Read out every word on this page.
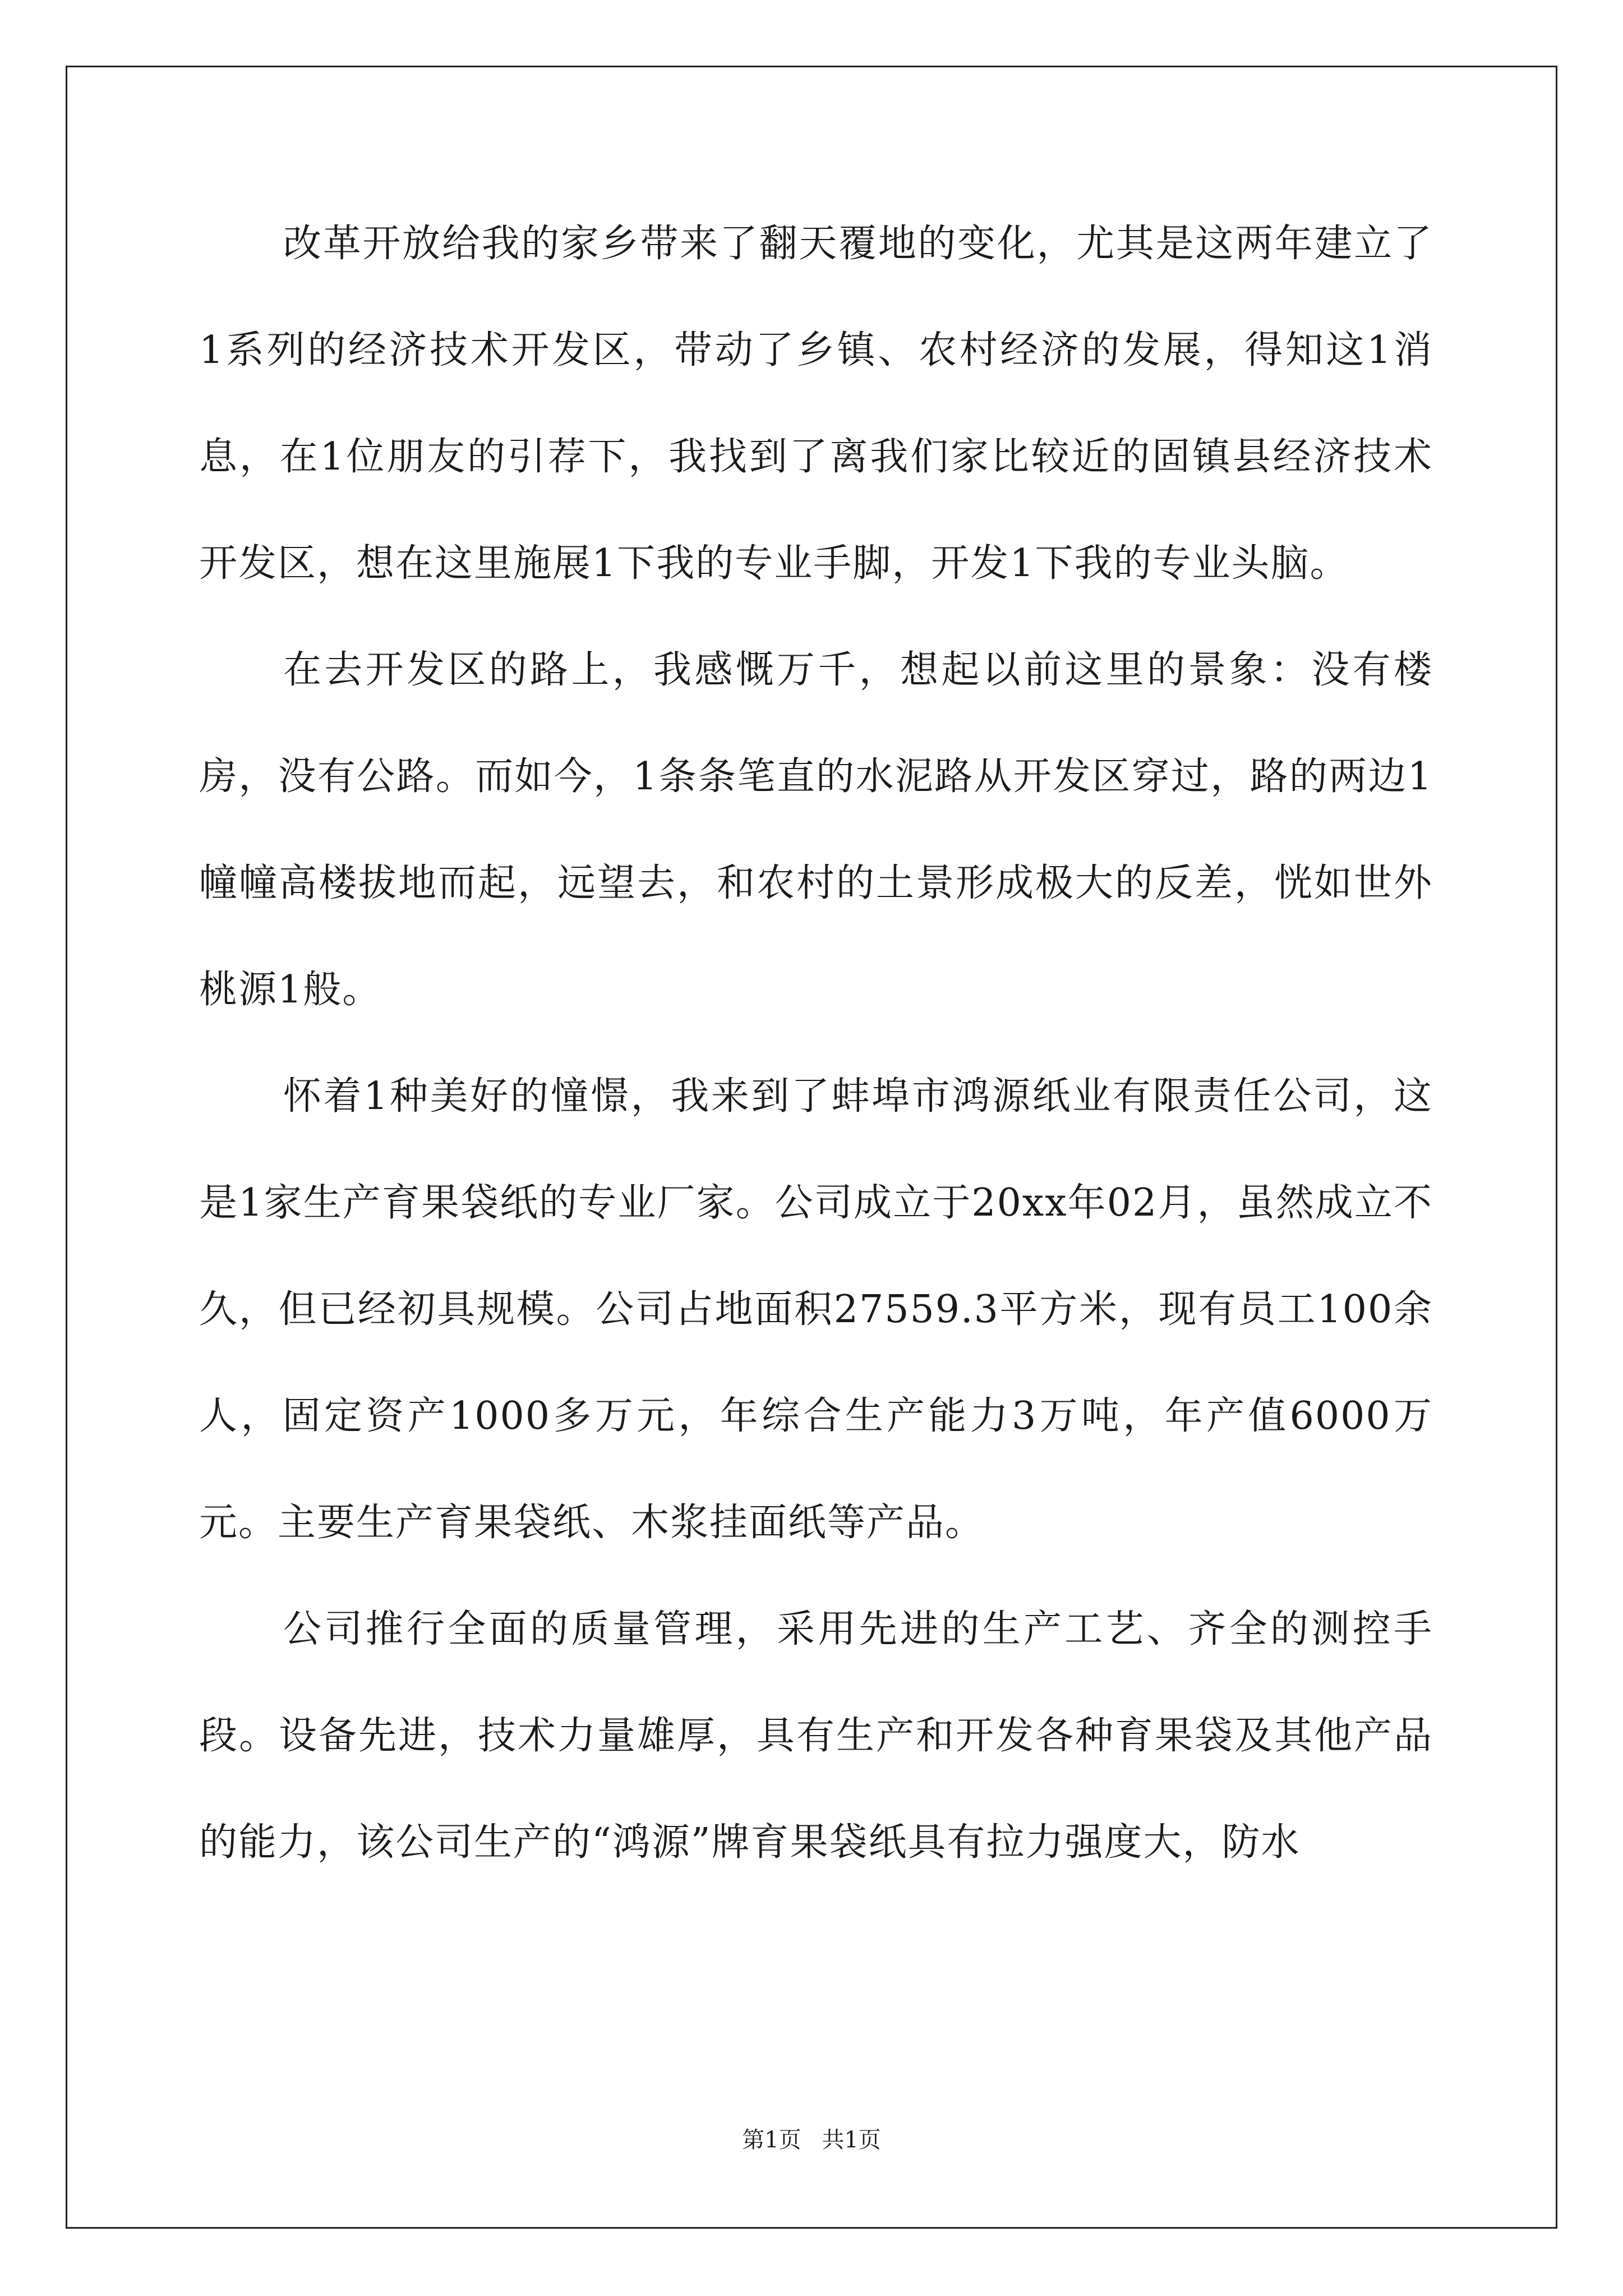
改革开放给我的家乡带来了翻天覆地的变化，尤其是这两年建立了1系列的经济技术开发区，带动了乡镇、农村经济的发展，得知这1消息，在1位朋友的引荐下，我找到了离我们家比较近的固镇县经济技术开发区，想在这里施展1下我的专业手脚，开发1下我的专业头脑。

在去开发区的路上，我感慨万千，想起以前这里的景象：没有楼房，没有公路。而如今，1条条笔直的水泥路从开发区穿过，路的两边1幢幢高楼拔地而起，远望去，和农村的土景形成极大的反差，恍如世外桃源1般。

怀着1种美好的憧憬，我来到了蚌埠市鸿源纸业有限责任公司，这是1家生产育果袋纸的专业厂家。公司成立于20xx年02月，虽然成立不久，但已经初具规模。公司占地面积27559.3平方米，现有员工100余人，固定资产1000多万元，年综合生产能力3万吨，年产值6000万元。主要生产育果袋纸、木浆挂面纸等产品。

公司推行全面的质量管理，采用先进的生产工艺、齐全的测控手段。设备先进，技术力量雄厚，具有生产和开发各种育果袋及其他产品的能力，该公司生产的“鸿源”牌育果袋纸具有拉力强度大，防水

第1页 共1页
